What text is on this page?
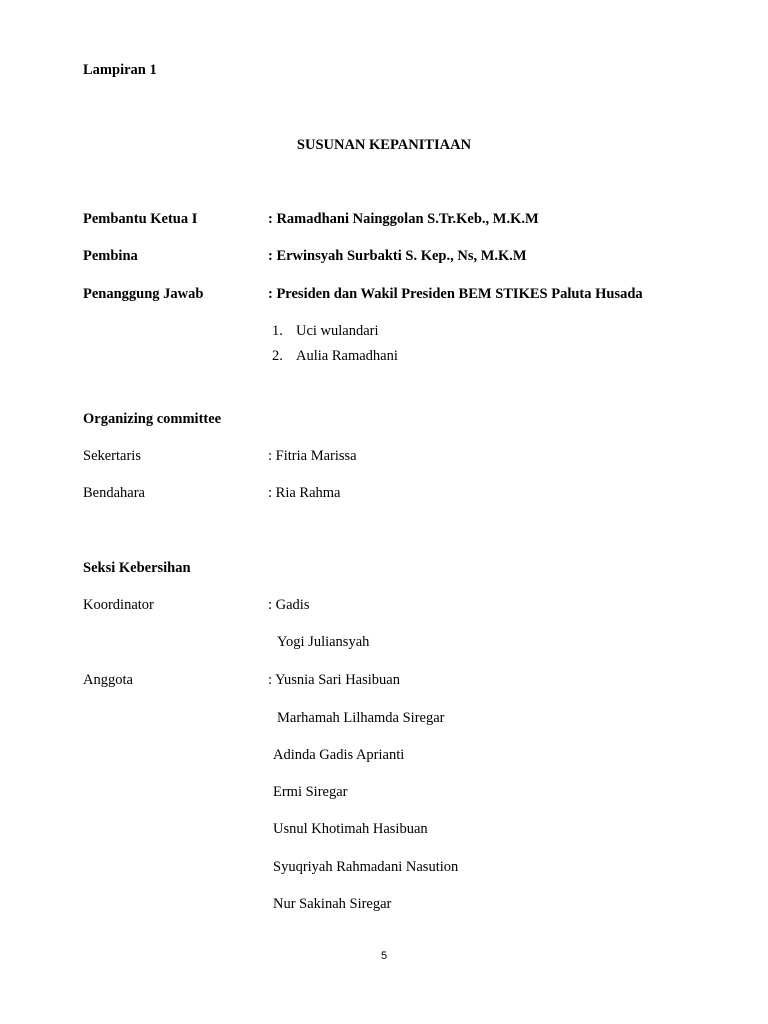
Lampiran 1
SUSUNAN KEPANITIAAN
Pembantu Ketua I	: Ramadhani Nainggolan S.Tr.Keb., M.K.M
Pembina	: Erwinsyah Surbakti S. Kep., Ns, M.K.M
Penanggung Jawab	: Presiden dan Wakil Presiden BEM STIKES Paluta Husada
1. Uci wulandari
2. Aulia Ramadhani
Organizing committee
Sekertaris	: Fitria Marissa
Bendahara	: Ria Rahma
Seksi Kebersihan
Koordinator	: Gadis
Yogi Juliansyah
Anggota	: Yusnia Sari Hasibuan
Marhamah Lilhamda Siregar
Adinda Gadis Aprianti
Ermi Siregar
Usnul Khotimah Hasibuan
Syuqriyah Rahmadani Nasution
Nur Sakinah Siregar
5
